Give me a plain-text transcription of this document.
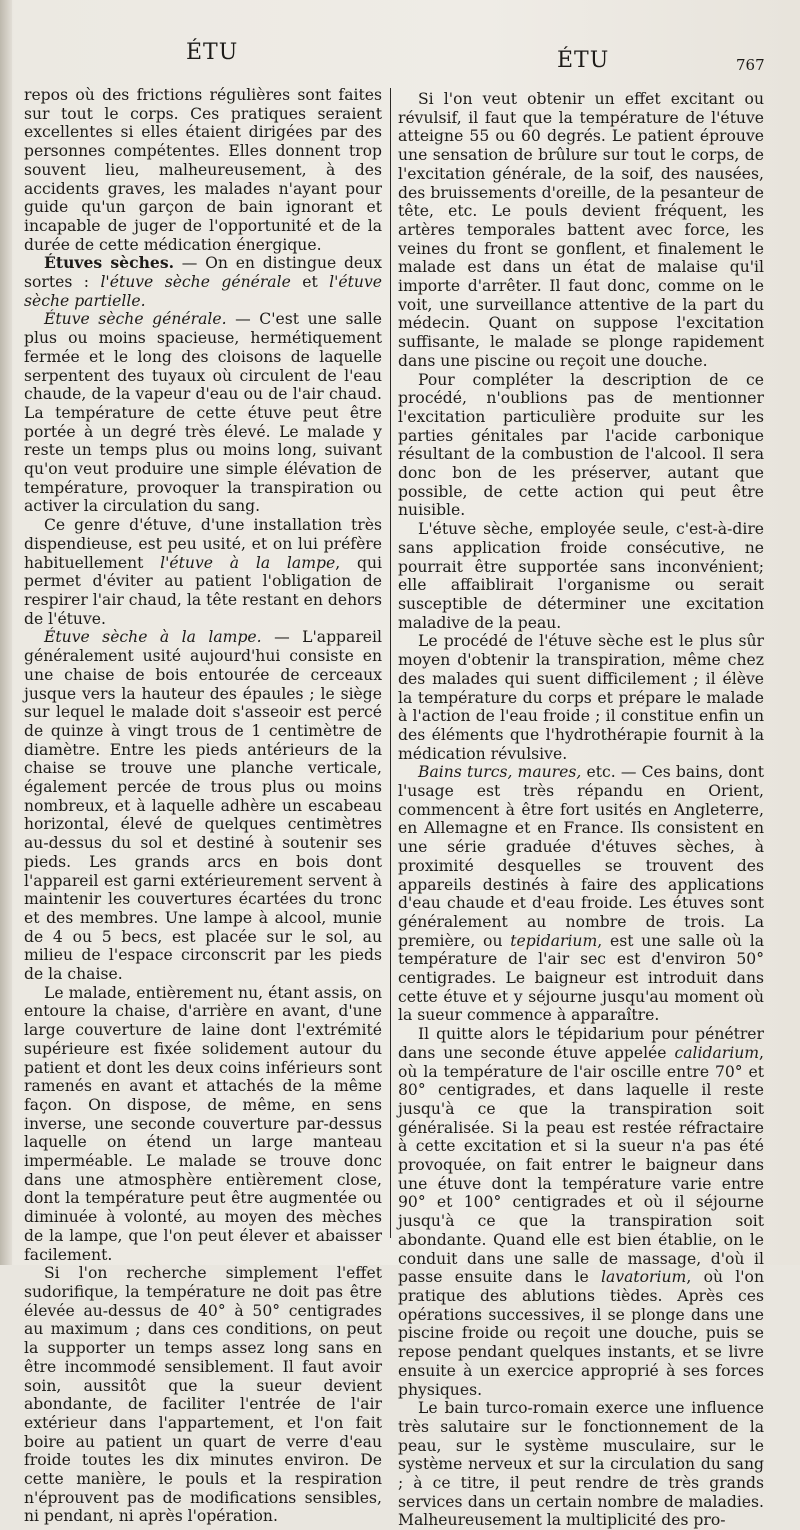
ÉTU	ÉTU	767

repos où des frictions régulières sont faites sur tout le corps. Ces pratiques seraient excellentes si elles étaient dirigées par des personnes compétentes. Elles donnent trop souvent lieu, malheureusement, à des accidents graves, les malades n'ayant pour guide qu'un garçon de bain ignorant et incapable de juger de l'opportunité et de la durée de cette médication énergique.

Étuves sèches. — On en distingue deux sortes : l'étuve sèche générale et l'étuve sèche partielle.

Étuve sèche générale. — C'est une salle plus ou moins spacieuse, hermétiquement fermée et le long des cloisons de laquelle serpentent des tuyaux où circulent de l'eau chaude, de la vapeur d'eau ou de l'air chaud. La température de cette étuve peut être portée à un degré très élevé. Le malade y reste un temps plus ou moins long, suivant qu'on veut produire une simple élévation de température, provoquer la transpiration ou activer la circulation du sang.

Ce genre d'étuve, d'une installation très dispendieuse, est peu usité, et on lui préfère habituellement l'étuve à la lampe, qui permet d'éviter au patient l'obligation de respirer l'air chaud, la tête restant en dehors de l'étuve.

Étuve sèche à la lampe. — L'appareil généralement usité aujourd'hui consiste en une chaise de bois entourée de cerceaux jusque vers la hauteur des épaules ; le siège sur lequel le malade doit s'asseoir est percé de quinze à vingt trous de 1 centimètre de diamètre. Entre les pieds antérieurs de la chaise se trouve une planche verticale, également percée de trous plus ou moins nombreux, et à laquelle adhère un escabeau horizontal, élevé de quelques centimètres au-dessus du sol et destiné à soutenir ses pieds. Les grands arcs en bois dont l'appareil est garni extérieurement servent à maintenir les couvertures écartées du tronc et des membres. Une lampe à alcool, munie de 4 ou 5 becs, est placée sur le sol, au milieu de l'espace circonscrit par les pieds de la chaise.

Le malade, entièrement nu, étant assis, on entoure la chaise, d'arrière en avant, d'une large couverture de laine dont l'extrémité supérieure est fixée solidement autour du patient et dont les deux coins inférieurs sont ramenés en avant et attachés de la même façon. On dispose, de même, en sens inverse, une seconde couverture par-dessus laquelle on étend un large manteau imperméable. Le malade se trouve donc dans une atmosphère entièrement close, dont la température peut être augmentée ou diminuée à volonté, au moyen des mèches de la lampe, que l'on peut élever et abaisser facilement.

Si l'on recherche simplement l'effet sudorifique, la température ne doit pas être élevée au-dessus de 40° à 50° centigrades au maximum ; dans ces conditions, on peut la supporter un temps assez long sans en être incommodé sensiblement. Il faut avoir soin, aussitôt que la sueur devient abondante, de faciliter l'entrée de l'air extérieur dans l'appartement, et l'on fait boire au patient un quart de verre d'eau froide toutes les dix minutes environ. De cette manière, le pouls et la respiration n'éprouvent pas de modifications sensibles, ni pendant, ni après l'opération.

Si l'on veut obtenir un effet excitant ou révulsif, il faut que la température de l'étuve atteigne 55 ou 60 degrés. Le patient éprouve une sensation de brûlure sur tout le corps, de l'excitation générale, de la soif, des nausées, des bruissements d'oreille, de la pesanteur de tête, etc. Le pouls devient fréquent, les artères temporales battent avec force, les veines du front se gonflent, et finalement le malade est dans un état de malaise qu'il importe d'arrêter. Il faut donc, comme on le voit, une surveillance attentive de la part du médecin. Quant on suppose l'excitation suffisante, le malade se plonge rapidement dans une piscine ou reçoit une douche.

Pour compléter la description de ce procédé, n'oublions pas de mentionner l'excitation particulière produite sur les parties génitales par l'acide carbonique résultant de la combustion de l'alcool. Il sera donc bon de les préserver, autant que possible, de cette action qui peut être nuisible.

L'étuve sèche, employée seule, c'est-à-dire sans application froide consécutive, ne pourrait être supportée sans inconvénient; elle affaiblirait l'organisme ou serait susceptible de déterminer une excitation maladive de la peau.

Le procédé de l'étuve sèche est le plus sûr moyen d'obtenir la transpiration, même chez des malades qui suent difficilement ; il élève la température du corps et prépare le malade à l'action de l'eau froide ; il constitue enfin un des éléments que l'hydrothérapie fournit à la médication révulsive.

Bains turcs, maures, etc. — Ces bains, dont l'usage est très répandu en Orient, commencent à être fort usités en Angleterre, en Allemagne et en France. Ils consistent en une série graduée d'étuves sèches, à proximité desquelles se trouvent des appareils destinés à faire des applications d'eau chaude et d'eau froide. Les étuves sont généralement au nombre de trois. La première, ou tepidarium, est une salle où la température de l'air sec est d'environ 50° centigrades. Le baigneur est introduit dans cette étuve et y séjourne jusqu'au moment où la sueur commence à apparaître.

Il quitte alors le tépidarium pour pénétrer dans une seconde étuve appelée calidarium, où la température de l'air oscille entre 70° et 80° centigrades, et dans laquelle il reste jusqu'à ce que la transpiration soit généralisée. Si la peau est restée réfractaire à cette excitation et si la sueur n'a pas été provoquée, on fait entrer le baigneur dans une étuve dont la température varie entre 90° et 100° centigrades et où il séjourne jusqu'à ce que la transpiration soit abondante. Quand elle est bien établie, on le conduit dans une salle de massage, d'où il passe ensuite dans le lavatorium, où l'on pratique des ablutions tièdes. Après ces opérations successives, il se plonge dans une piscine froide ou reçoit une douche, puis se repose pendant quelques instants, et se livre ensuite à un exercice approprié à ses forces physiques.

Le bain turco-romain exerce une influence très salutaire sur le fonctionnement de la peau, sur le système musculaire, sur le système nerveux et sur la circulation du sang ; à ce titre, il peut rendre de très grands services dans un certain nombre de maladies. Malheureusement la multiplicité des pro-
